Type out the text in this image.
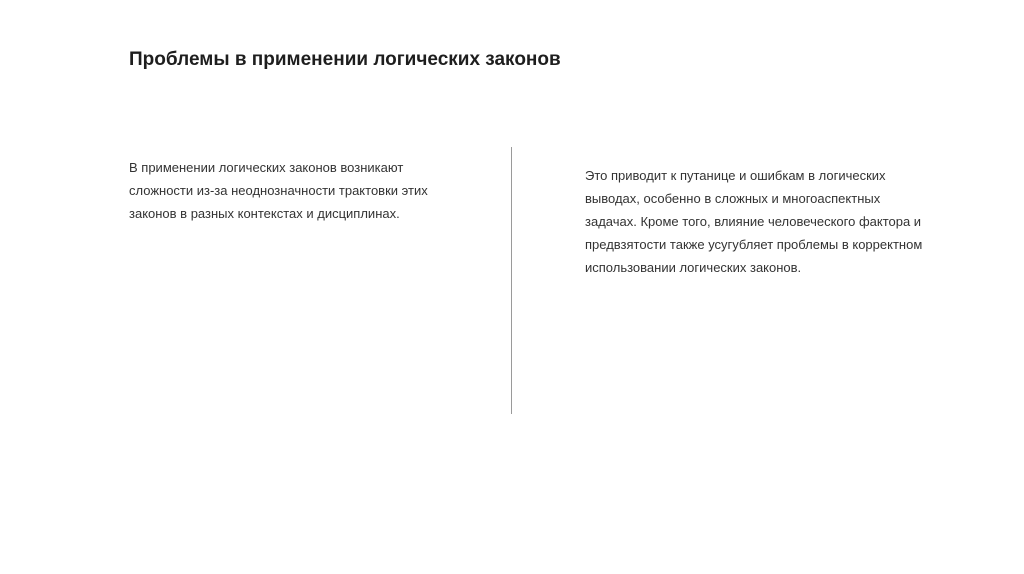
Проблемы в применении логических законов

В применении логических законов возникают сложности из-за неоднозначности трактовки этих законов в разных контекстах и дисциплинах.

Это приводит к путанице и ошибкам в логических выводах, особенно в сложных и многоаспектных задачах. Кроме того, влияние человеческого фактора и предвзятости также усугубляет проблемы в корректном использовании логических законов.
